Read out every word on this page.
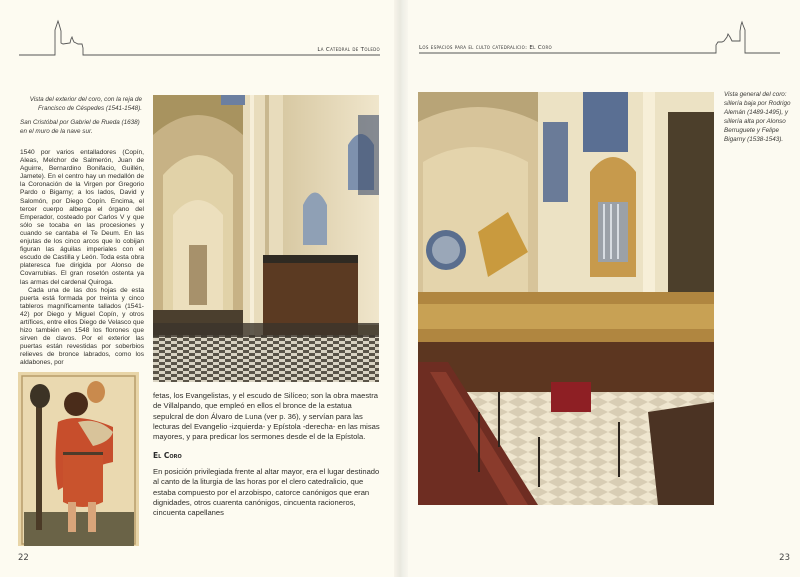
La Catedral de Toledo
Vista del exterior del coro, con la reja de Francisco de Céspedes (1541-1548).
San Cristóbal por Gabriel de Rueda (1638) en el muro de la nave sur.

1540 por varios entalladores (Copín, Aleas, Melchor de Salmerón, Juan de Aguirre, Bernardino Bonifacio, Guillén, Jamete). En el centro hay un medallón de la Coronación de la Virgen por Gregorio Pardo o Bigarny; a los lados, David y Salomón, por Diego Copín. Encima, el tercer cuerpo alberga el órgano del Emperador, costeado por Carlos V y que sólo se tocaba en las procesiones y cuando se cantaba el Te Deum. En las enjutas de los cinco arcos que lo cobijan figuran las águilas imperiales con el escudo de Castilla y León. Toda esta obra plateresca fue dirigida por Alonso de Covarrubias. El gran rosetón ostenta ya las armas del cardenal Quiroga.

Cada una de las dos hojas de esta puerta está formada por treinta y cinco tableros magníficamente tallados (1541-42) por Diego y Miguel Copín, y otros artífices, entre ellos Diego de Velasco que hizo también en 1548 los florones que sirven de clavos. Por el exterior las puertas están revestidas por soberbios relieves de bronce labrados, como los aldabones, por

fetas, los Evangelistas, y el escudo de Silíceo; son la obra maestra de Villalpando, que empleó en ellos el bronce de la estatua sepulcral de don Álvaro de Luna (ver p. 36), y servían para las lecturas del Evangelio -izquierda- y Epístola -derecha- en las misas mayores, y para predicar los sermones desde el de la Epístola.
El Coro
En posición privilegiada frente al altar mayor, era el lugar destinado al canto de la liturgia de las horas por el clero catedralicio, que estaba compuesto por el arzobispo, catorce canónigos que eran dignidades, otros cuarenta canónigos, cincuenta racioneros, cincuenta capellanes
22
Los espacios para el culto catedralicio: El Coro
Vista general del coro: sillería baja por Rodrigo Alemán (1489-1495), y sillería alta por Alonso Berruguete y Felipe Bigarny (1538-1543).
23
